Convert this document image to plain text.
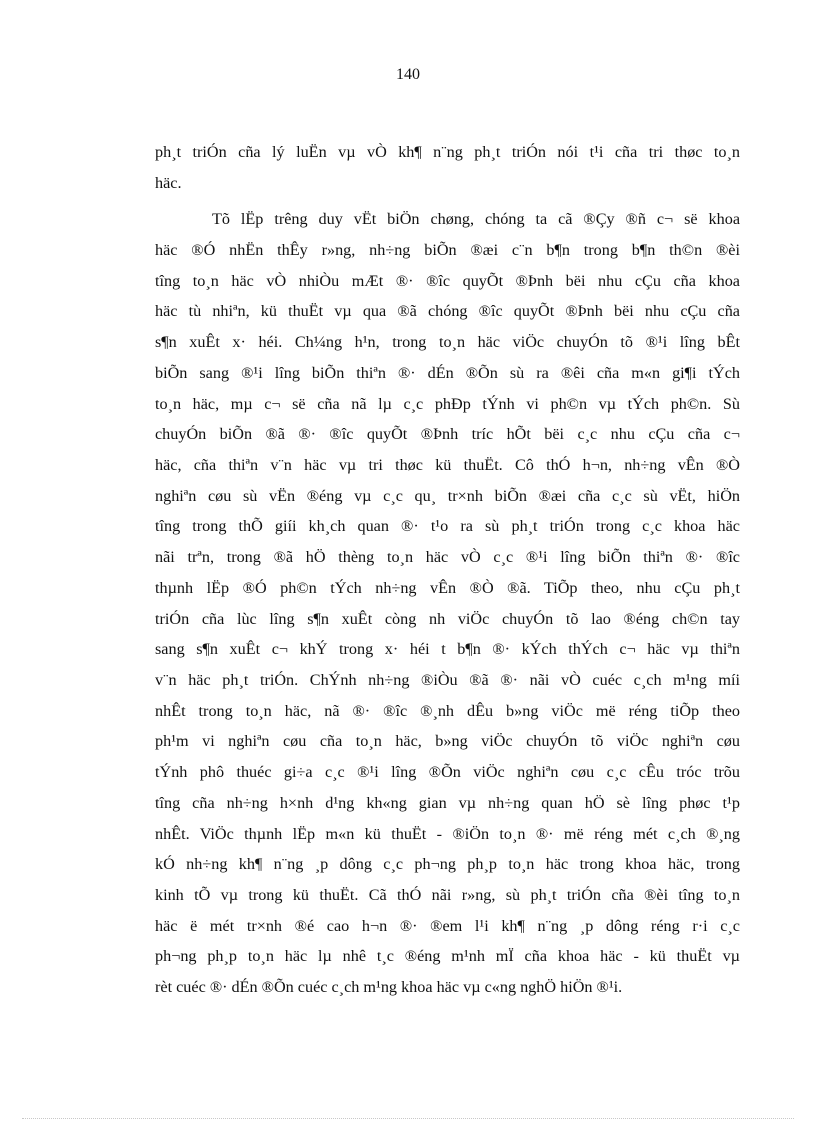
140
ph¸t triÓn cña lý luËn vµ vÒ kh¶ n¨ng ph¸t triÓn nói t¹i cña tri thøc to¸n
häc.
Tõ lËp trêng duy vËt biÖn chøng, chóng ta cã ®Çy ®ñ c¬ së khoa
häc ®Ó nhËn thÊy r»ng, nh÷ng biÕn ®æi c¨n b¶n trong b¶n th©n ®èi
tîng to¸n häc vÒ nhiÒu mÆt ®· ®îc quyÕt ®Þnh bëi nhu cÇu cña khoa
häc tù nhiªn, kü thuËt vµ qua ®ã chóng ®îc quyÕt ®Þnh bëi nhu cÇu cña
s¶n xuÊt x· héi. Ch¼ng h¹n, trong to¸n häc viÖc chuyÓn tõ ®¹i lîng bÊt
biÕn sang ®¹i lîng biÕn thiªn ®· dÉn ®Õn sù ra ®êi cña m«n gi¶i tÝch
to¸n häc, mµ c¬ së cña nã lµ c¸c phÐp tÝnh vi ph©n vµ tÝch ph©n. Sù
chuyÓn biÕn ®ã ®· ®îc quyÕt ®Þnh tríc hÕt bëi c¸c nhu cÇu cña c¬
häc, cña thiªn v¨n häc vµ tri thøc kü thuËt. Cô thÓ h¬n, nh÷ng vÊn ®Ò
nghiªn cøu sù vËn ®éng vµ c¸c qu¸ tr×nh biÕn ®æi cña c¸c sù vËt, hiÖn
tîng trong thÕ giíi kh¸ch quan ®· t¹o ra sù ph¸t triÓn trong c¸c khoa häc
nãi trªn, trong ®ã hÖ thèng to¸n häc vÒ c¸c ®¹i lîng biÕn thiªn ®· ®îc
thµnh lËp ®Ó ph©n tÝch nh÷ng vÊn ®Ò ®ã. TiÕp theo, nhu cÇu ph¸t
triÓn cña lùc lîng s¶n xuÊt còng nh viÖc chuyÓn tõ lao ®éng ch©n tay
sang s¶n xuÊt c¬ khÝ trong x· héi t b¶n ®· kÝch thÝch c¬ häc vµ thiªn
v¨n häc ph¸t triÓn. ChÝnh nh÷ng ®iÒu ®ã ®· nãi vÒ cuéc c¸ch m¹ng míi
nhÊt trong to¸n häc, nã ®· ®îc ®¸nh dÊu b»ng viÖc më réng tiÕp theo
ph¹m vi nghiªn cøu cña to¸n häc, b»ng viÖc chuyÓn tõ viÖc nghiªn cøu
tÝnh phô thuéc gi÷a c¸c ®¹i lîng ®Õn viÖc nghiªn cøu c¸c cÊu tróc trõu
tîng cña nh÷ng h×nh d¹ng kh«ng gian vµ nh÷ng quan hÖ sè lîng phøc t¹p
nhÊt. ViÖc thµnh lËp m«n kü thuËt - ®iÖn to¸n ®· më réng mét c¸ch ®¸ng
kÓ nh÷ng kh¶ n¨ng ¸p dông c¸c ph¬ng ph¸p to¸n häc trong khoa häc, trong
kinh tÕ vµ trong kü thuËt. Cã thÓ nãi r»ng, sù ph¸t triÓn cña ®èi tîng to¸n
häc ë mét tr×nh ®é cao h¬n ®· ®em l¹i kh¶ n¨ng ¸p dông réng r·i c¸c
ph¬ng ph¸p to¸n häc lµ nhê t¸c ®éng m¹nh mÏ cña khoa häc - kü thuËt vµ
rèt cuéc ®· dÉn ®Õn cuéc c¸ch m¹ng khoa häc vµ c«ng nghÖ hiÖn ®¹i.
